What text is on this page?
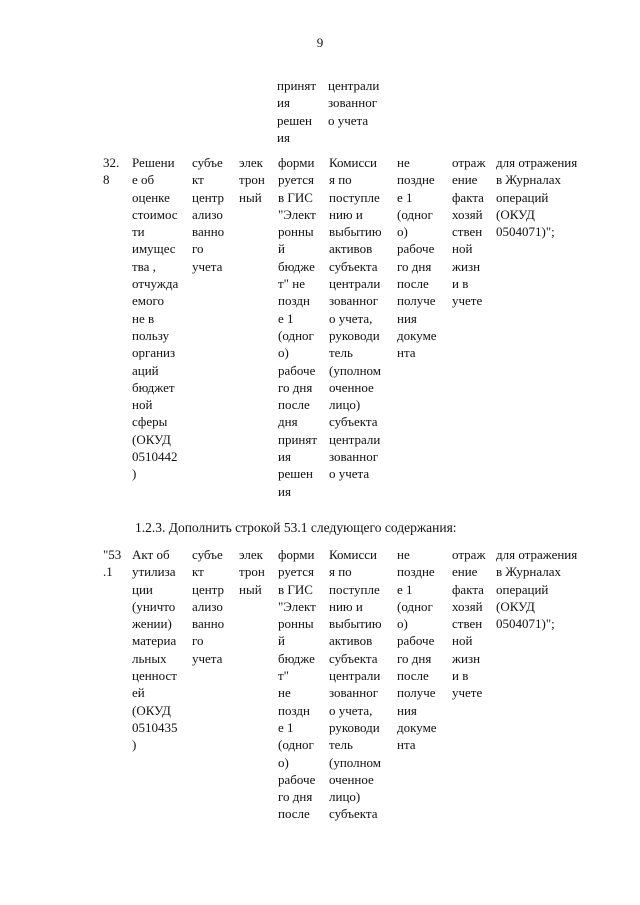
9
принят
ия
решен
ия
централи
зованног
о учета
32.
8
Решени
е об
оценке
стоимос
ти
имущес
тва ,
отчужда
емого
не в
пользу
организ
аций
бюджет
ной
сферы
(ОКУД
0510442
)
субъе
кт
центр
ализо
ванно
го
учета
элек
трон
ный
форми
руется
в ГИС
"Элект
ронны
й
бюдже
т" не
поздн
е 1
(одног
о)
рабоче
го дня
после
дня
принят
ия
решен
ия
Комисси
я по
поступле
нию и
выбытию
активов
субъекта
централи
зованног
о учета,
руководи
тель
(уполном
оченное
лицо)
субъекта
централи
зованног
о учета
не
поздне
е 1
(одног
о)
рабоче
го дня
после
получе
ния
докуме
нта
отраж
ение
факта
хозяй
ствен
ной
жизн
и в
учете
для отражения
в Журналах
операций
(ОКУД
0504071)";
1.2.3. Дополнить строкой 53.1 следующего содержания:
"53
.1
Акт об
утилиза
ции
(уничто
жении)
материа
льных
ценност
ей
(ОКУД
0510435
)
субъе
кт
центр
ализо
ванно
го
учета
элек
трон
ный
форми
руется
в ГИС
"Элект
ронны
й
бюдже
т"
не
поздн
е 1
(одног
о)
рабоче
го дня
после
Комисси
я по
поступле
нию и
выбытию
активов
субъекта
централи
зованног
о учета,
руководи
тель
(уполном
оченное
лицо)
субъекта
не
поздне
е 1
(одног
о)
рабоче
го дня
после
получе
ния
докуме
нта
отраж
ение
факта
хозяй
ствен
ной
жизн
и в
учете
для отражения
в Журналах
операций
(ОКУД
0504071)";
